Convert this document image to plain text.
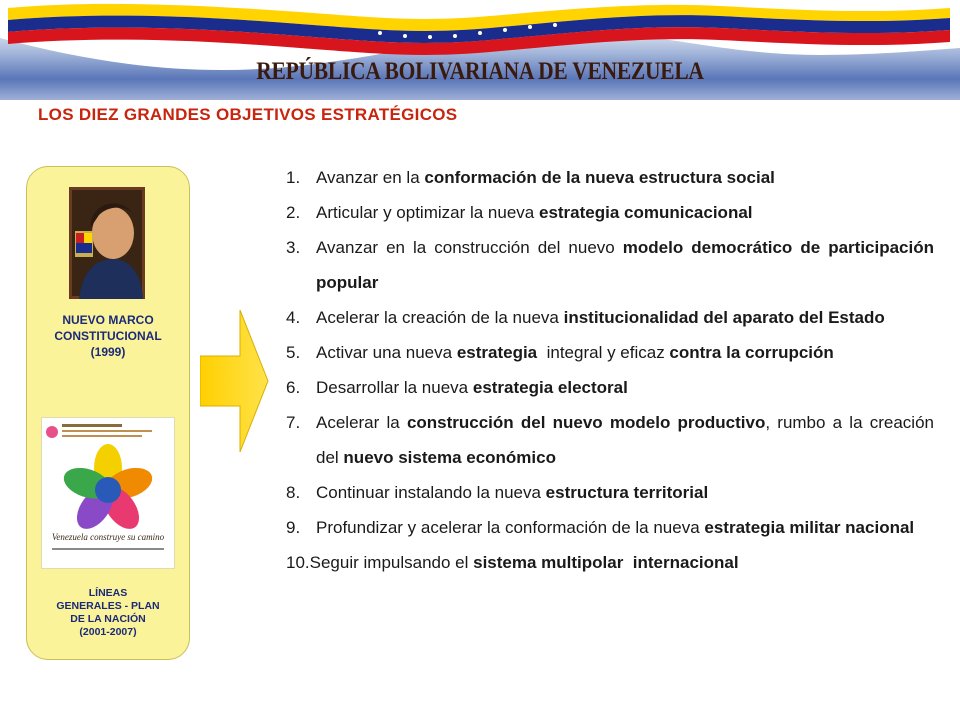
REPÚBLICA BOLIVARIANA DE VENEZUELA
LOS DIEZ GRANDES OBJETIVOS ESTRATÉGICOS
NUEVO MARCO
CONSTITUCIONAL
(1999)
Venezuela construye su camino
LÍNEAS
GENERALES - PLAN
DE LA NACIÓN
(2001-2007)
1. Avanzar en la conformación de la nueva estructura social
2. Articular y optimizar la nueva estrategia comunicacional
3. Avanzar en la construcción del nuevo modelo democrático de participación popular
4. Acelerar la creación de la nueva institucionalidad del aparato del Estado
5. Activar una nueva estrategia  integral y eficaz contra la corrupción
6. Desarrollar la nueva estrategia electoral
7. Acelerar la construcción del nuevo modelo productivo, rumbo a la creación del nuevo sistema económico
8. Continuar instalando la nueva estructura territorial
9. Profundizar y acelerar la conformación de la nueva estrategia militar nacional
10.Seguir impulsando el sistema multipolar  internacional
